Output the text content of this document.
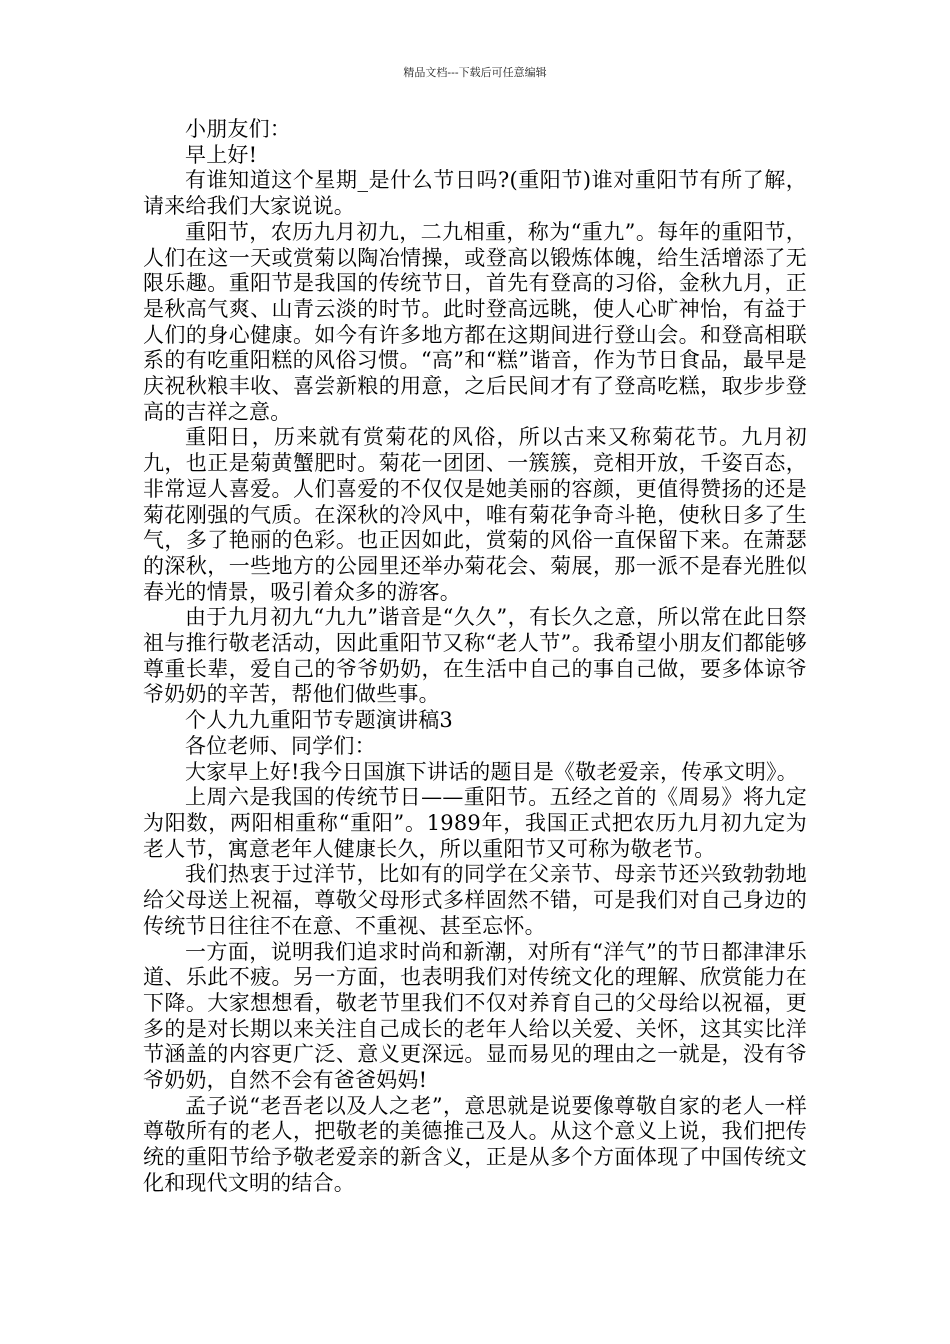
精品文档---下载后可任意编辑

小朋友们：

早上好!

有谁知道这个星期_是什么节日吗?(重阳节)谁对重阳节有所了解，请来给我们大家说说。

重阳节，农历九月初九，二九相重，称为“重九”。每年的重阳节，人们在这一天或赏菊以陶冶情操，或登高以锻炼体魄，给生活增添了无限乐趣。重阳节是我国的传统节日，首先有登高的习俗，金秋九月，正是秋高气爽、山青云淡的时节。此时登高远眺，使人心旷神怡，有益于人们的身心健康。如今有许多地方都在这期间进行登山会。和登高相联系的有吃重阳糕的风俗习惯。“高”和“糕”谐音，作为节日食品，最早是庆祝秋粮丰收、喜尝新粮的用意，之后民间才有了登高吃糕，取步步登高的吉祥之意。

重阳日，历来就有赏菊花的风俗，所以古来又称菊花节。九月初九，也正是菊黄蟹肥时。菊花一团团、一簇簇，竞相开放，千姿百态，非常逗人喜爱。人们喜爱的不仅仅是她美丽的容颜，更值得赞扬的还是菊花刚强的气质。在深秋的冷风中，唯有菊花争奇斗艳，使秋日多了生气，多了艳丽的色彩。也正因如此，赏菊的风俗一直保留下来。在萧瑟的深秋，一些地方的公园里还举办菊花会、菊展，那一派不是春光胜似春光的情景，吸引着众多的游客。

由于九月初九“九九”谐音是“久久”，有长久之意，所以常在此日祭祖与推行敬老活动，因此重阳节又称“老人节”。我希望小朋友们都能够尊重长辈，爱自己的爷爷奶奶，在生活中自己的事自己做，要多体谅爷爷奶奶的辛苦，帮他们做些事。

个人九九重阳节专题演讲稿3

各位老师、同学们：

大家早上好!我今日国旗下讲话的题目是《敬老爱亲，传承文明》。

上周六是我国的传统节日——重阳节。五经之首的《周易》将九定为阳数，两阳相重称“重阳”。1989年，我国正式把农历九月初九定为老人节，寓意老年人健康长久，所以重阳节又可称为敬老节。

我们热衷于过洋节，比如有的同学在父亲节、母亲节还兴致勃勃地给父母送上祝福，尊敬父母形式多样固然不错，可是我们对自己身边的传统节日往往不在意、不重视、甚至忘怀。

一方面，说明我们追求时尚和新潮，对所有“洋气”的节日都津津乐道、乐此不疲。另一方面，也表明我们对传统文化的理解、欣赏能力在下降。大家想想看，敬老节里我们不仅对养育自己的父母给以祝福，更多的是对长期以来关注自己成长的老年人给以关爱、关怀，这其实比洋节涵盖的内容更广泛、意义更深远。显而易见的理由之一就是，没有爷爷奶奶，自然不会有爸爸妈妈!

孟子说“老吾老以及人之老”，意思就是说要像尊敬自家的老人一样尊敬所有的老人，把敬老的美德推己及人。从这个意义上说，我们把传统的重阳节给予敬老爱亲的新含义，正是从多个方面体现了中国传统文化和现代文明的结合。
